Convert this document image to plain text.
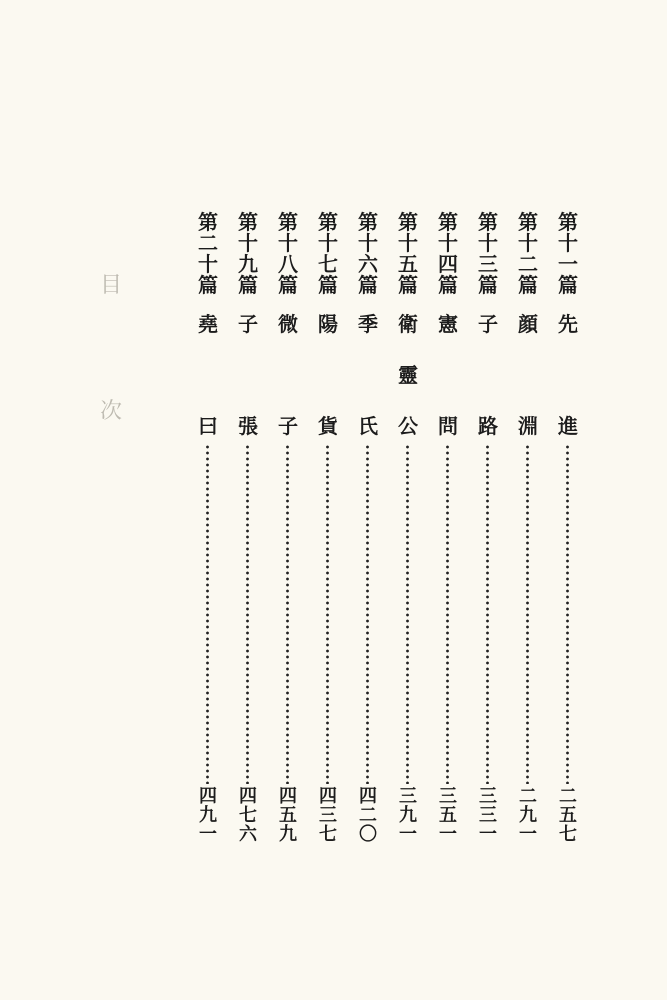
目
次
第
十
一
篇
先
進
二
五
七
第
十
二
篇
顔
淵
二
九
一
第
十
三
篇
子
路
三
三
一
第
十
四
篇
憲
問
三
五
一
第
十
五
篇
衛
靈
公
三
九
一
第
十
六
篇
季
氏
四
二
〇
第
十
七
篇
陽
貨
四
三
七
第
十
八
篇
微
子
四
五
九
第
十
九
篇
子
張
四
七
六
第
二
十
篇
堯
曰
四
九
一
